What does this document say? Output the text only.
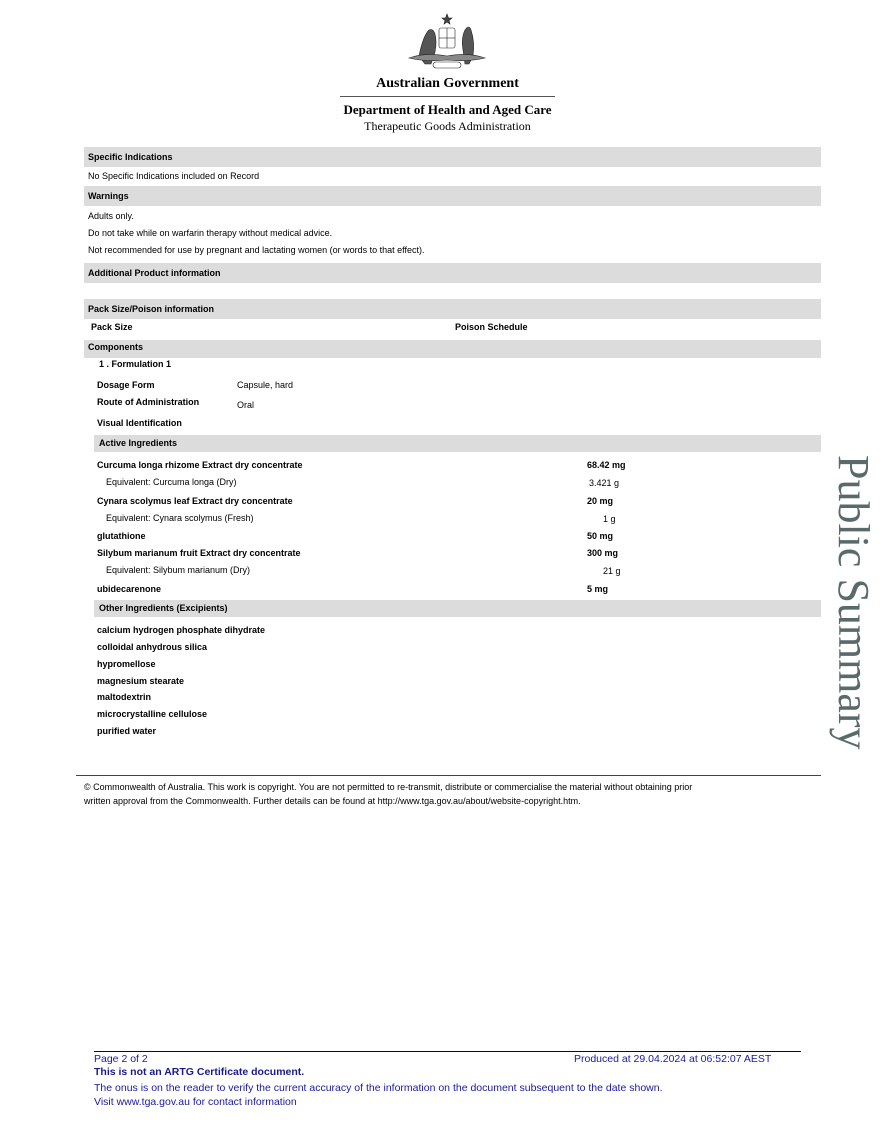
Australian Government
Department of Health and Aged Care
Therapeutic Goods Administration
Specific Indications
No Specific Indications included on Record
Warnings
Adults only.
Do not take while on warfarin therapy without medical advice.
Not recommended for use by pregnant and lactating women (or words to that effect).
Additional Product information
Pack Size/Poison information
Pack Size	Poison Schedule
Components
1 . Formulation 1
Dosage Form	Capsule, hard
Route of Administration	Oral
Visual Identification
Active Ingredients
Curcuma longa rhizome Extract dry concentrate	68.42 mg
Equivalent: Curcuma longa (Dry)	3.421 g
Cynara scolymus leaf Extract dry concentrate	20 mg
Equivalent: Cynara scolymus (Fresh)	1 g
glutathione	50 mg
Silybum marianum fruit Extract dry concentrate	300 mg
Equivalent: Silybum marianum (Dry)	21 g
ubidecarenone	5 mg
Other Ingredients (Excipients)
calcium hydrogen phosphate dihydrate
colloidal anhydrous silica
hypromellose
magnesium stearate
maltodextrin
microcrystalline cellulose
purified water	Public Summary
© Commonwealth of Australia. This work is copyright. You are not permitted to re-transmit, distribute or commercialise the material without obtaining prior
written approval from the Commonwealth. Further details can be found at http://www.tga.gov.au/about/website-copyright.htm.
Page 2 of 2	Produced at 29.04.2024 at 06:52:07 AEST
This is not an ARTG Certificate document.
The onus is on the reader to verify the current accuracy of the information on the document subsequent to the date shown.
Visit www.tga.gov.au for contact information
